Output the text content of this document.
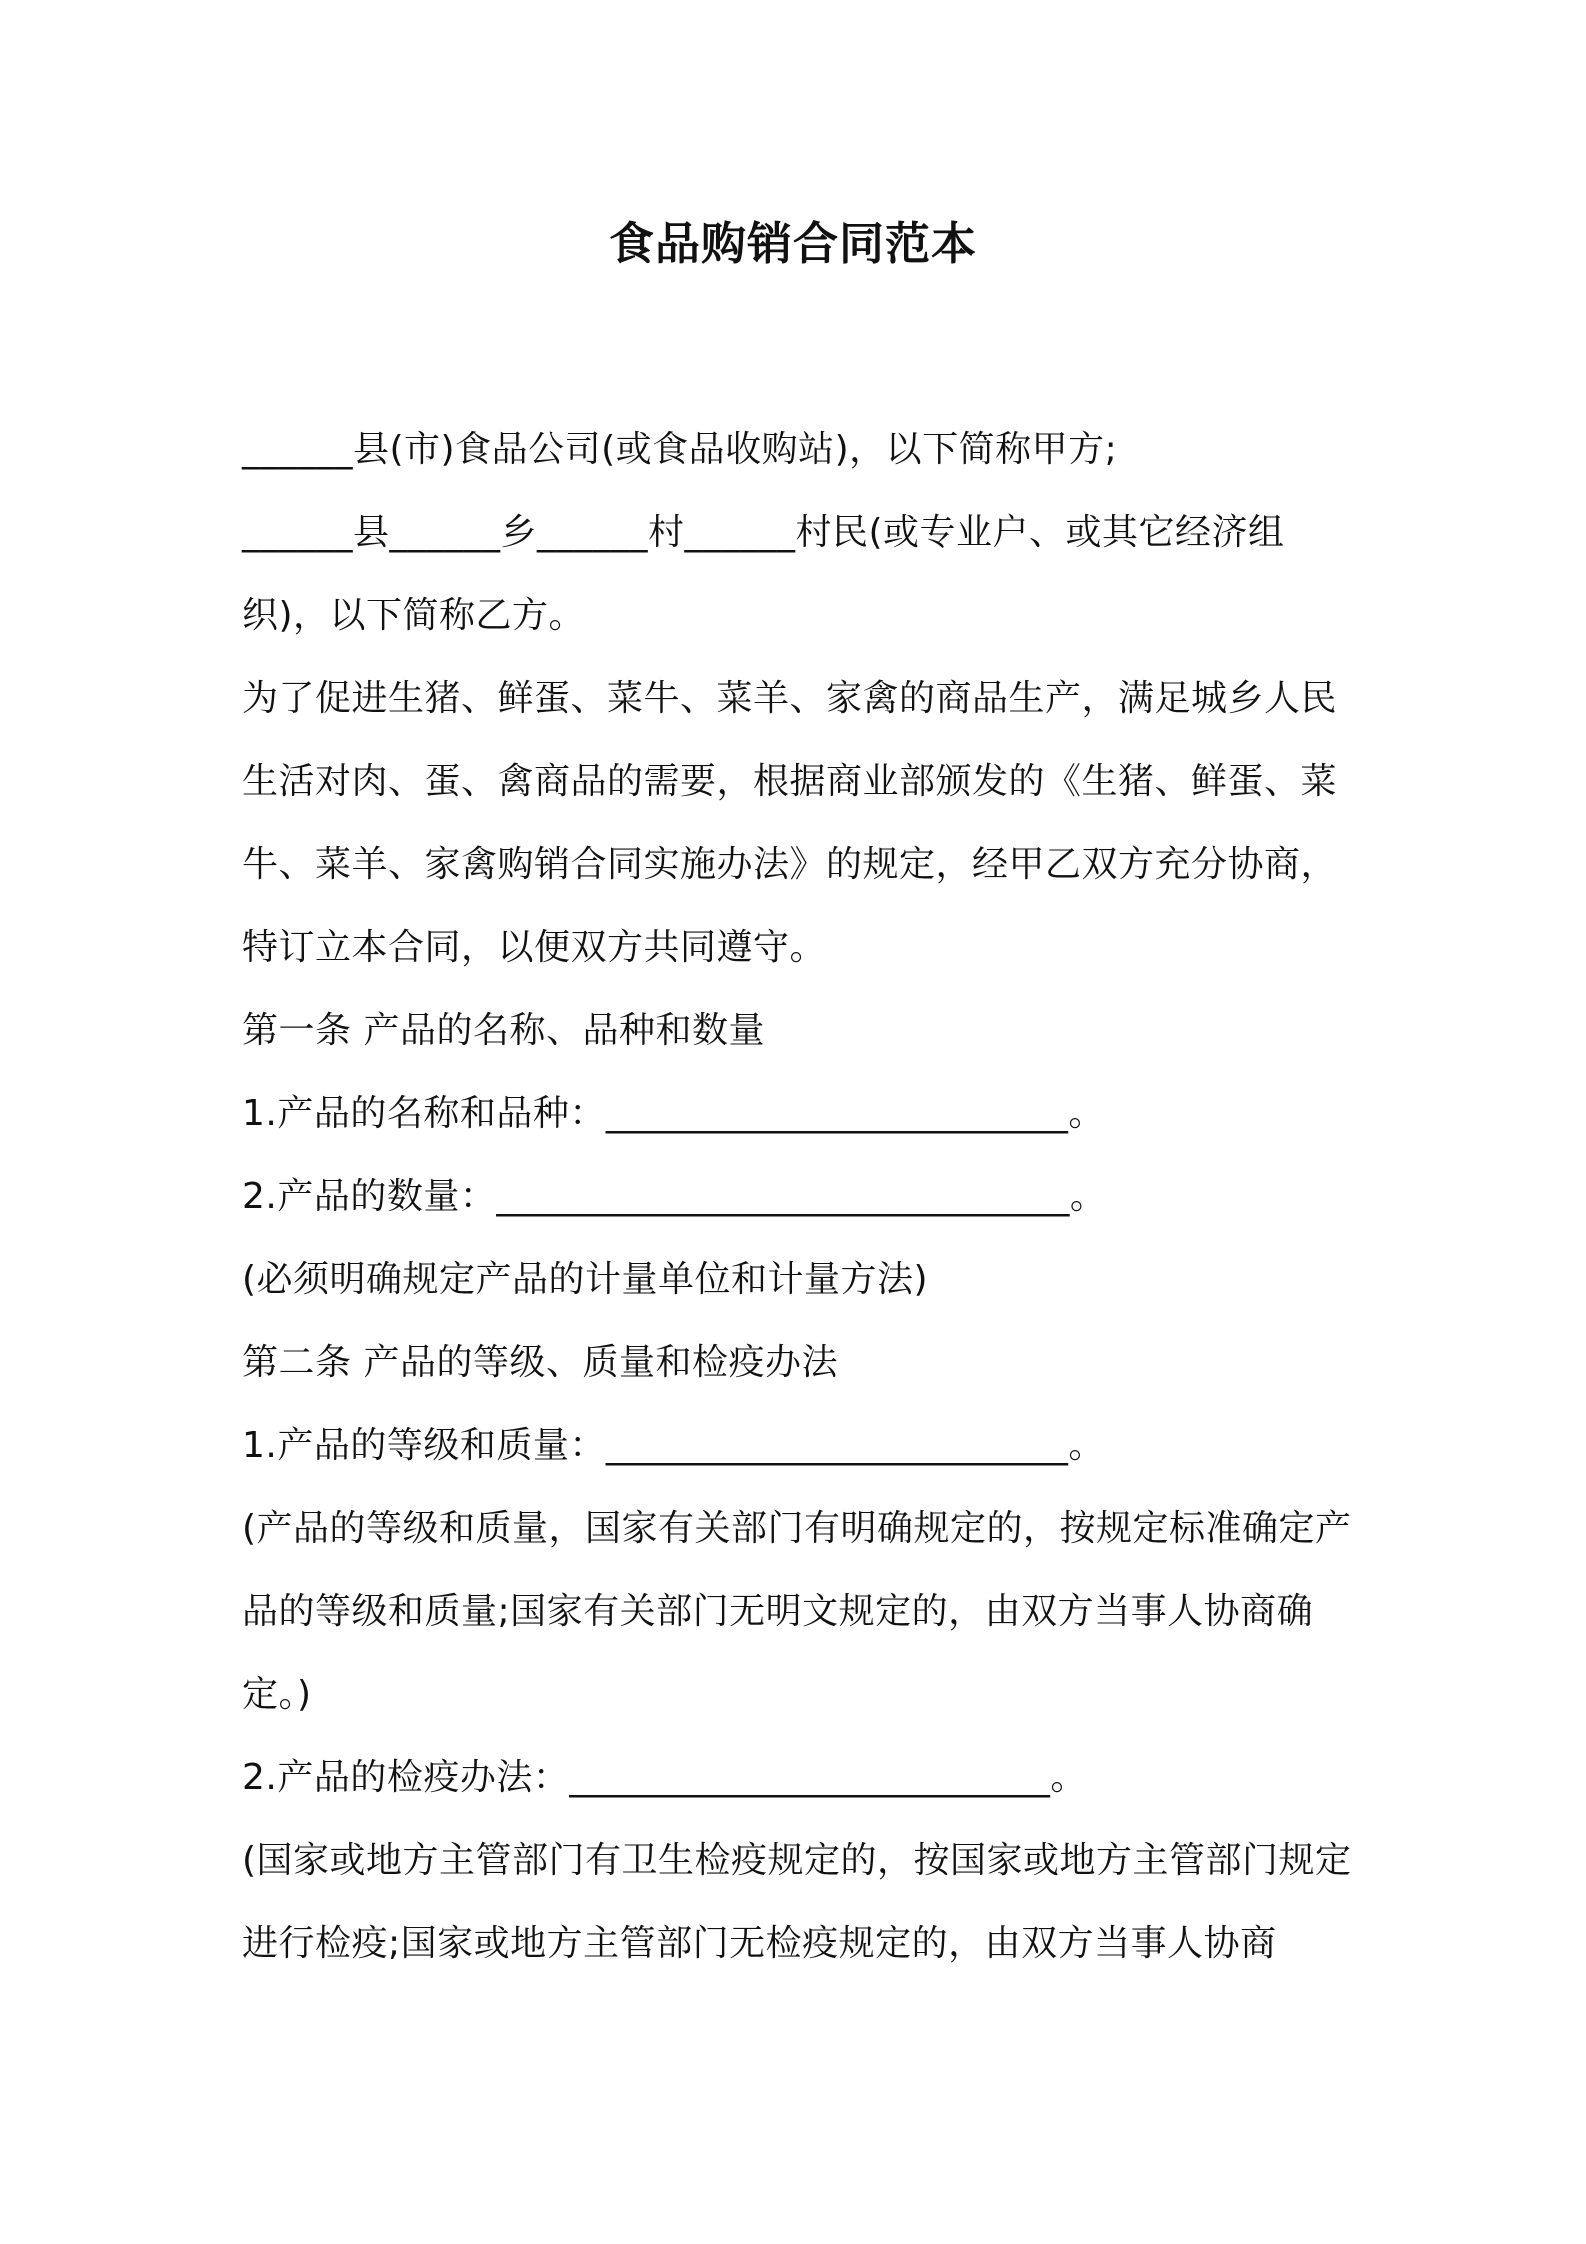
食品购销合同范本

______县(市)食品公司(或食品收购站)，以下简称甲方;

______县______乡______村______村民(或专业户、或其它经济组织)，以下简称乙方。

为了促进生猪、鲜蛋、菜牛、菜羊、家禽的商品生产，满足城乡人民生活对肉、蛋、禽商品的需要，根据商业部颁发的《生猪、鲜蛋、菜牛、菜羊、家禽购销合同实施办法》的规定，经甲乙双方充分协商，特订立本合同，以便双方共同遵守。

第一条 产品的名称、品种和数量

1.产品的名称和品种：_________________________。

2.产品的数量：_______________________________。

(必须明确规定产品的计量单位和计量方法)

第二条 产品的等级、质量和检疫办法

1.产品的等级和质量：_________________________。

(产品的等级和质量，国家有关部门有明确规定的，按规定标准确定产品的等级和质量;国家有关部门无明文规定的，由双方当事人协商确定。)

2.产品的检疫办法：__________________________。

(国家或地方主管部门有卫生检疫规定的，按国家或地方主管部门规定进行检疫;国家或地方主管部门无检疫规定的，由双方当事人协商
